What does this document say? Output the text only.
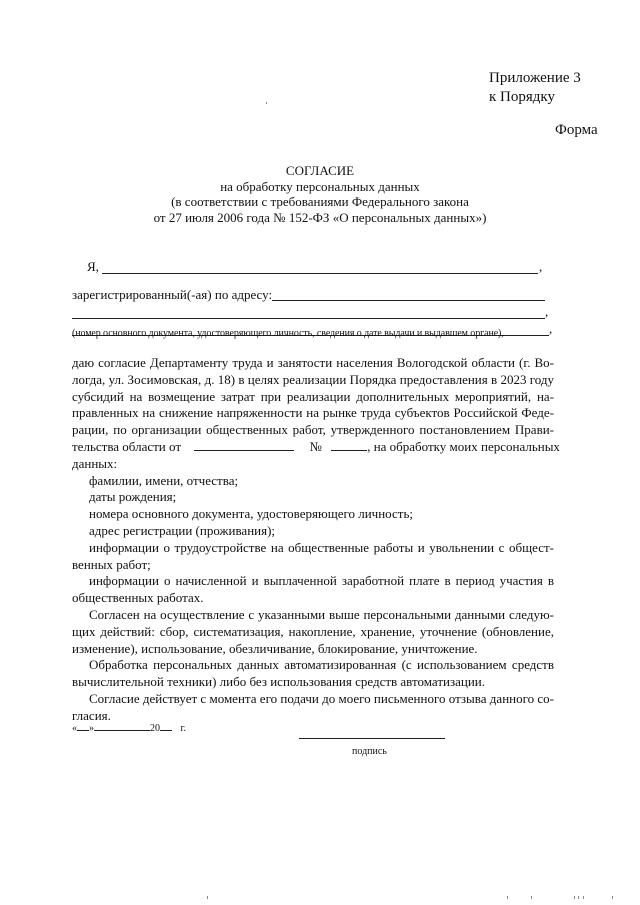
Приложение 3
к Порядку
Форма
СОГЛАСИЕ
на обработку персональных данных
(в соответствии с требованиями Федерального закона
от 27 июля 2006 года № 152-ФЗ «О персональных данных»)
Я,	,
зарегистрированный(-ая) по адресу:
,
,
(номер основного документа, удостоверяющего личность, сведения о дате выдачи и выдавшем органе),
даю согласие Департаменту труда и занятости населения Вологодской области (г. Во-
логда, ул. Зосимовская, д. 18) в целях реализации Порядка предоставления в 2023 году
субсидий на возмещение затрат при реализации дополнительных мероприятий, на-
правленных на снижение напряженности на рынке труда субъектов Российской Феде-
рации, по организации общественных работ, утвержденного постановлением Прави-
тельства области от	№	, на обработку моих персональных
данных:
фамилии, имени, отчества;
даты рождения;
номера основного документа, удостоверяющего личность;
адрес регистрации (проживания);
информации о трудоустройстве на общественные работы и увольнении с общест-
венных работ;
информации о начисленной и выплаченной заработной плате в период участия в
общественных работах.
Согласен на осуществление с указанными выше персональными данными следую-
щих действий: сбор, систематизация, накопление, хранение, уточнение (обновление,
изменение), использование, обезличивание, блокирование, уничтожение.
Обработка персональных данных автоматизированная (с использованием средств
вычислительной техники) либо без использования средств автоматизации.
Согласие действует с момента его подачи до моего письменного отзыва данного со-
гласия.
« »	20 г.
подпись
